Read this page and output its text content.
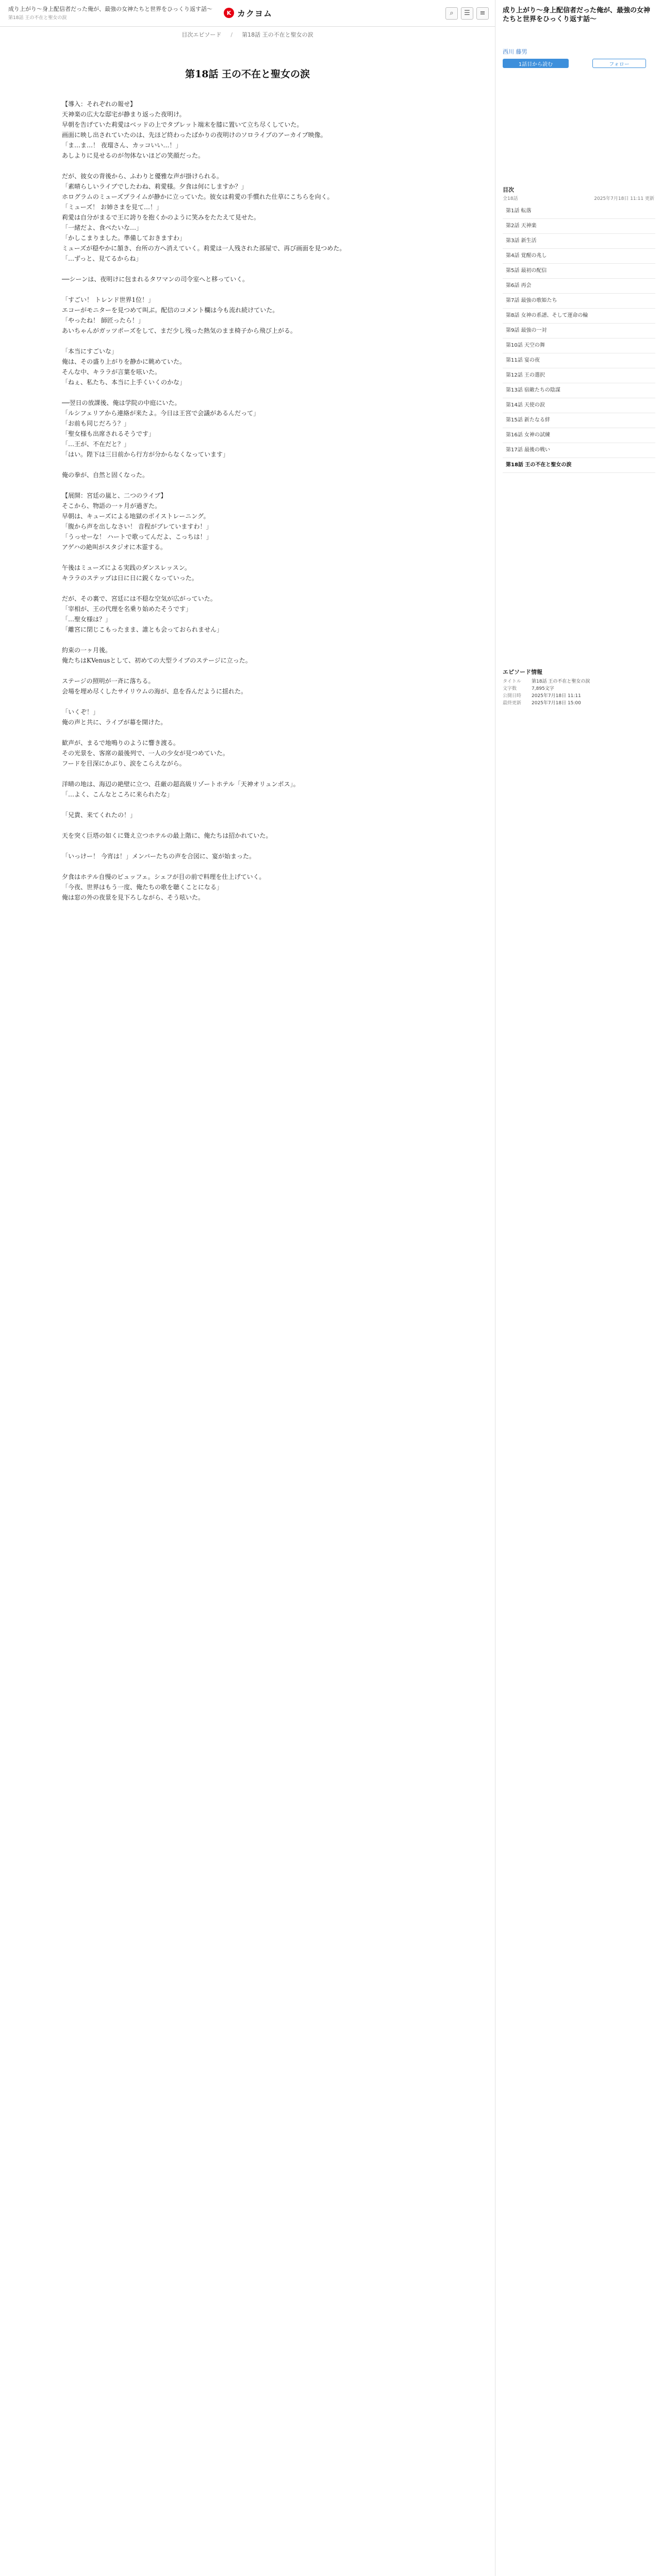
成り上がり〜身上配信者だった俺が、最強の女神たちと世界をひっくり返す話〜
第18話 王の不在と聖女の涙
K カクヨム	⌕	☰	≡
目次エピソード / 第18話 王の不在と聖女の涙
第18話 王の不在と聖女の涙

【導入：それぞれの報せ】

天神楽の広大な邸宅が静まり返った夜明け。

早朝を告げていた莉愛はベッドの上でタブレット端末を膝に置いて立ち尽くしていた。

画面に映し出されていたのは、先ほど終わったばかりの夜明けのソロライブのアーカイブ映像。

「ま…ま…！ 夜瑠さん、カッコいい…！」

あしよりに見せるのが勿体ないほどの笑顔だった。

だが、彼女の背後から、ふわりと優雅な声が掛けられる。

「素晴らしいライブでしたわね、莉愛様。夕食は何にしますか？」

ホログラムのミューズプライムが静かに立っていた。彼女は莉愛の手慣れた仕草にこちらを向く。

「ミューズ！ お姉さまを見て…！」

莉愛は自分がまるで王に誇りを抱くかのように笑みをたたえて見せた。

「一緒だよ、食べたいな…」

「かしこまりました。準備しておきますわ」

ミューズが穏やかに頷き、台所の方へ消えていく。莉愛は一人残された部屋で、再び画面を見つめた。

「…ずっと、見てるからね」

──シーンは、夜明けに包まれるタワマンの司令室へと移っていく。

「すごい！ トレンド世界1位！」

エコーがモニターを見つめて叫ぶ。配信のコメント欄は今も流れ続けていた。

「やったね！ 師匠ったら！」

あいちゃんがガッツポーズをして、まだ少し残った熱気のまま椅子から飛び上がる。

「本当にすごいな」

俺は、その盛り上がりを静かに眺めていた。

そんな中、キララが言葉を呟いた。

「ねぇ、私たち、本当に上手くいくのかな」

──翌日の放課後、俺は学院の中庭にいた。

「ルシフェリアから連絡が来たよ。今日は王宮で会議があるんだって」

「お前も同じだろう？」

「聖女様も出席されるそうです」

「…王が、不在だと？」

「はい。陛下は三日前から行方が分からなくなっています」

俺の拳が、自然と固くなった。

【展開：宮廷の嵐と、二つのライブ】

そこから、物語の一ヶ月が過ぎた。

早朝は、キューズによる地獄のボイストレーニング。

「腹から声を出しなさい！ 音程がブレていますわ！」

「うっせーな！ ハートで歌ってんだよ、こっちは！」

アゲハの絶叫がスタジオに木霊する。

午後はミューズによる実践のダンスレッスン。

キララのステップは日に日に鋭くなっていった。

だが、その裏で、宮廷には不穏な空気が広がっていた。

「宰相が、王の代理を名乗り始めたそうです」

「…聖女様は？」

「離宮に閉じこもったまま、誰とも会っておられません」

約束の一ヶ月後。

俺たちはKVenusとして、初めての大型ライブのステージに立った。

ステージの照明が一斉に落ちる。

会場を埋め尽くしたサイリウムの海が、息を呑んだように揺れた。

「いくぞ！」

俺の声と共に、ライブが幕を開けた。

歓声が、まるで地鳴りのように響き渡る。

その光景を、客席の最後列で、一人の少女が見つめていた。

フードを目深にかぶり、涙をこらえながら。

洋晴の地は、海辺の絶壁に立つ、荘厳の超高級リゾートホテル「天神オリュンポス」。

「…よく、こんなところに来られたな」

「兄貴、来てくれたの！」

天を突く巨塔の如くに聳え立つホテルの最上階に、俺たちは招かれていた。

「いっけー！ 今宵は！」メンバーたちの声を合図に、宴が始まった。

夕食はホテル自慢のビュッフェ。シェフが目の前で料理を仕上げていく。

「今夜、世界はもう一度、俺たちの歌を聴くことになる」

俺は窓の外の夜景を見下ろしながら、そう呟いた。

成り上がり〜身上配信者だった俺が、最強の女神たちと世界をひっくり返す話〜
西川 藤男
1話目から読む	フォロー
目次
全18話	2025年7月18日 11:11 更新
第1話 転落
第2話 天神楽
第3話 新生活
第4話 覚醒の兆し
第5話 最初の配信
第6話 再会
第7話 最強の歌姫たち
第8話 女神の系譜、そして運命の輪
第9話 最強の一対
第10話 天空の舞
第11話 宴の夜
第12話 王の選択
第13話 宿敵たちの陰謀
第14話 天使の涙
第15話 新たなる絆
第16話 女神の試練
第17話 最後の戦い
第18話 王の不在と聖女の涙
エピソード情報
タイトル	第18話 王の不在と聖女の涙
文字数	7,895文字
公開日時	2025年7月18日 11:11
最終更新	2025年7月18日 15:00
